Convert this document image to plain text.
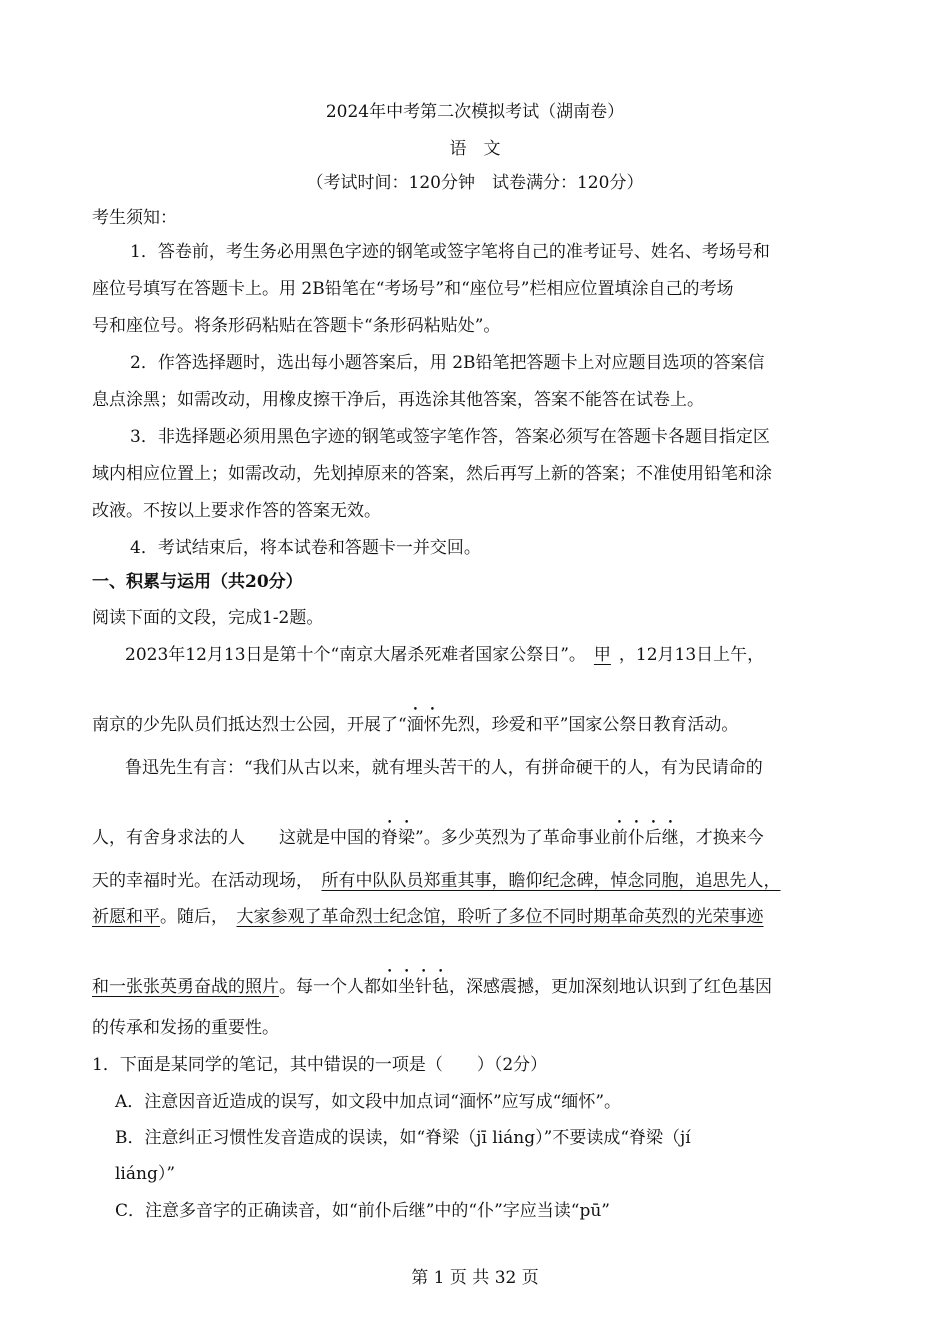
2024年中考第二次模拟考试（湖南卷）
语　文
（考试时间：120分钟　试卷满分：120分）
考生须知：
1．答卷前，考生务必用黑色字迹的钢笔或签字笔将自己的准考证号、姓名、考场号和
座位号填写在答题卡上。用 2B铅笔在“考场号”和“座位号”栏相应位置填涂自己的考场
号和座位号。将条形码粘贴在答题卡“条形码粘贴处”。
2．作答选择题时，选出每小题答案后，用 2B铅笔把答题卡上对应题目选项的答案信
息点涂黑；如需改动，用橡皮擦干净后，再选涂其他答案，答案不能答在试卷上。
3．非选择题必须用黑色字迹的钢笔或签字笔作答，答案必须写在答题卡各题目指定区
域内相应位置上；如需改动，先划掉原来的答案，然后再写上新的答案；不准使用铅笔和涂
改液。不按以上要求作答的答案无效。
4．考试结束后，将本试卷和答题卡一并交回。
一、积累与运用（共20分）
阅读下面的文段，完成1-2题。
2023年12月13日是第十个“南京大屠杀死难者国家公祭日”。 甲 ，12月13日上午，
南京的少先队员们抵达烈士公园，开展了“湎怀先烈，珍爱和平”国家公祭日教育活动。
鲁迅先生有言：“我们从古以来，就有埋头苦干的人，有拼命硬干的人，有为民请命的
人，有舍身求法的人　　这就是中国的脊梁”。多少英烈为了革命事业前仆后继，才换来今
天的幸福时光。在活动现场，　所有中队队员郑重其事，瞻仰纪念碑，悼念同胞，追思先人，
祈愿和平。随后，　大家参观了革命烈士纪念馆，聆听了多位不同时期革命英烈的光荣事迹
和一张张英勇奋战的照片。每一个人都如坐针毡，深感震撼，更加深刻地认识到了红色基因
的传承和发扬的重要性。
1．下面是某同学的笔记，其中错误的一项是（　　）（2分）
A．注意因音近造成的误写，如文段中加点词“湎怀”应写成“缅怀”。
B．注意纠正习惯性发音造成的误读，如“脊梁（jī liáng）”不要读成“脊梁（jí
liáng）”
C．注意多音字的正确读音，如“前仆后继”中的“仆”字应当读“pū”
第 1 页 共 32 页
